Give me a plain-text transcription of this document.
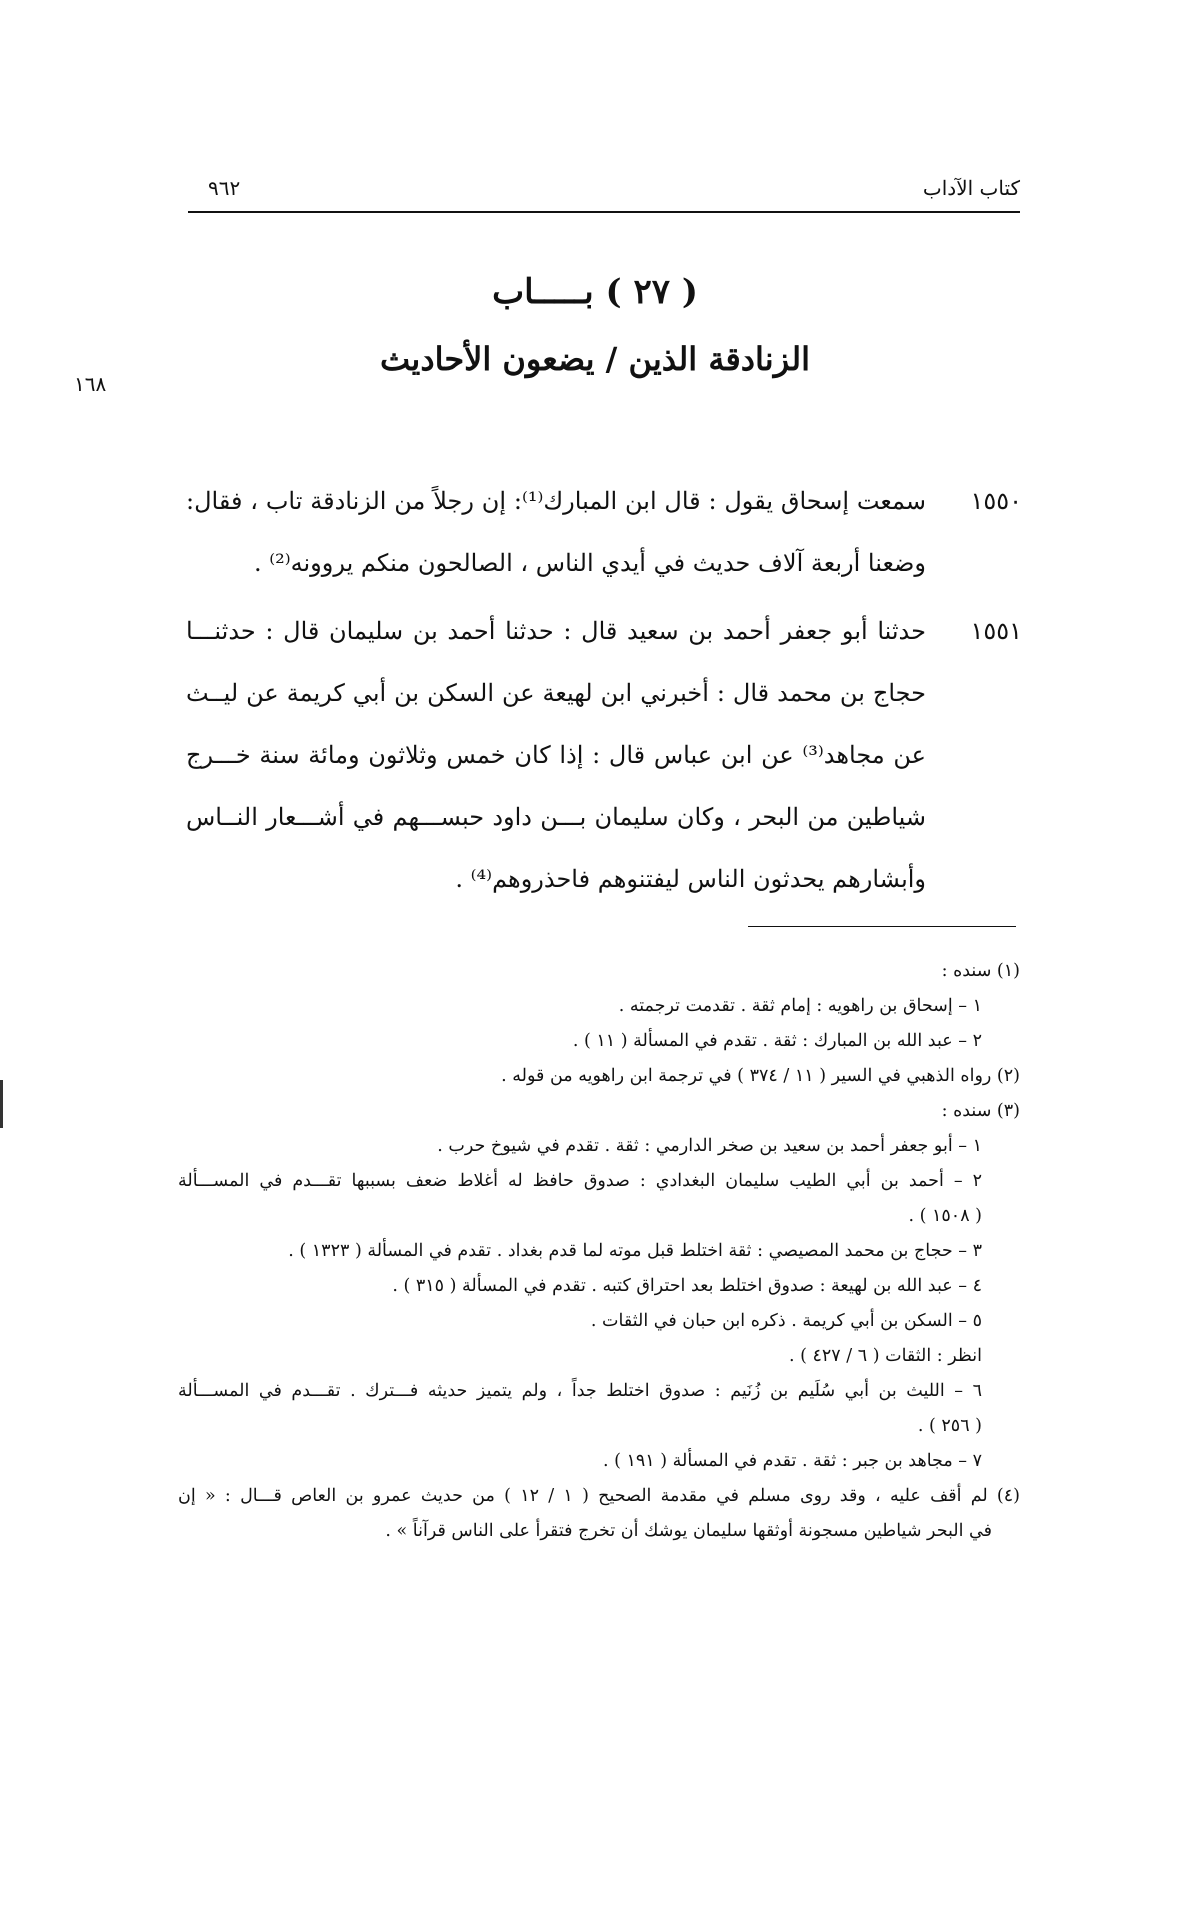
كتاب الآداب
٩٦٢
١٦٨
( ٢٧ ) بـــــاب
الزنادقة الذين / يضعون الأحاديث
١٥٥٠
سمعت إسحاق يقول : قال ابن المبارك⁽¹⁾: إن رجلاً من الزنادقة تاب ، فقال:
وضعنا أربعة آلاف حديث في أيدي الناس ، الصالحون منكم يروونه⁽²⁾ .
١٥٥١
حدثنا أبو جعفر أحمد بن سعيد قال : حدثنا أحمد بن سليمان قال : حدثنـــا
حجاج بن محمد قال : أخبرني ابن لهيعة عن السكن بن أبي كريمة عن ليــث
عن مجاهد⁽³⁾ عن ابن عباس قال : إذا كان خمس وثلاثون ومائة سنة خـــرج
شياطين من البحر ، وكان سليمان بـــن داود حبســـهم في أشـــعار النــاس
وأبشارهم يحدثون الناس ليفتنوهم فاحذروهم⁽⁴⁾ .
(١) سنده :
١ – إسحاق بن راهويه : إمام ثقة . تقدمت ترجمته .
٢ – عبد الله بن المبارك : ثقة . تقدم في المسألة ( ١١ ) .
(٢) رواه الذهبي في السير ( ١١ / ٣٧٤ ) في ترجمة ابن راهويه من قوله .
(٣) سنده :
١ – أبو جعفر أحمد بن سعيد بن صخر الدارمي : ثقة . تقدم في شيوخ حرب .
٢ – أحمد بن أبي الطيب سليمان البغدادي : صدوق حافظ له أغلاط ضعف بسببها تقـــدم في المســـألة
( ١٥٠٨ ) .
٣ – حجاج بن محمد المصيصي : ثقة اختلط قبل موته لما قدم بغداد . تقدم في المسألة ( ١٣٢٣ ) .
٤ – عبد الله بن لهيعة : صدوق اختلط بعد احتراق كتبه . تقدم في المسألة ( ٣١٥ ) .
٥ – السكن بن أبي كريمة . ذكره ابن حبان في الثقات .
انظر : الثقات ( ٦ / ٤٢٧ ) .
٦ – الليث بن أبي سُلَيم بن زُنَيم : صدوق اختلط جداً ، ولم يتميز حديثه فـــترك . تقـــدم في المســـألة
( ٢٥٦ ) .
٧ – مجاهد بن جبر : ثقة . تقدم في المسألة ( ١٩١ ) .
(٤) لم أقف عليه ، وقد روى مسلم في مقدمة الصحيح ( ١ / ١٢ ) من حديث عمرو بن العاص قـــال : « إن
في البحر شياطين مسجونة أوثقها سليمان يوشك أن تخرج فتقرأ على الناس قرآناً » .
